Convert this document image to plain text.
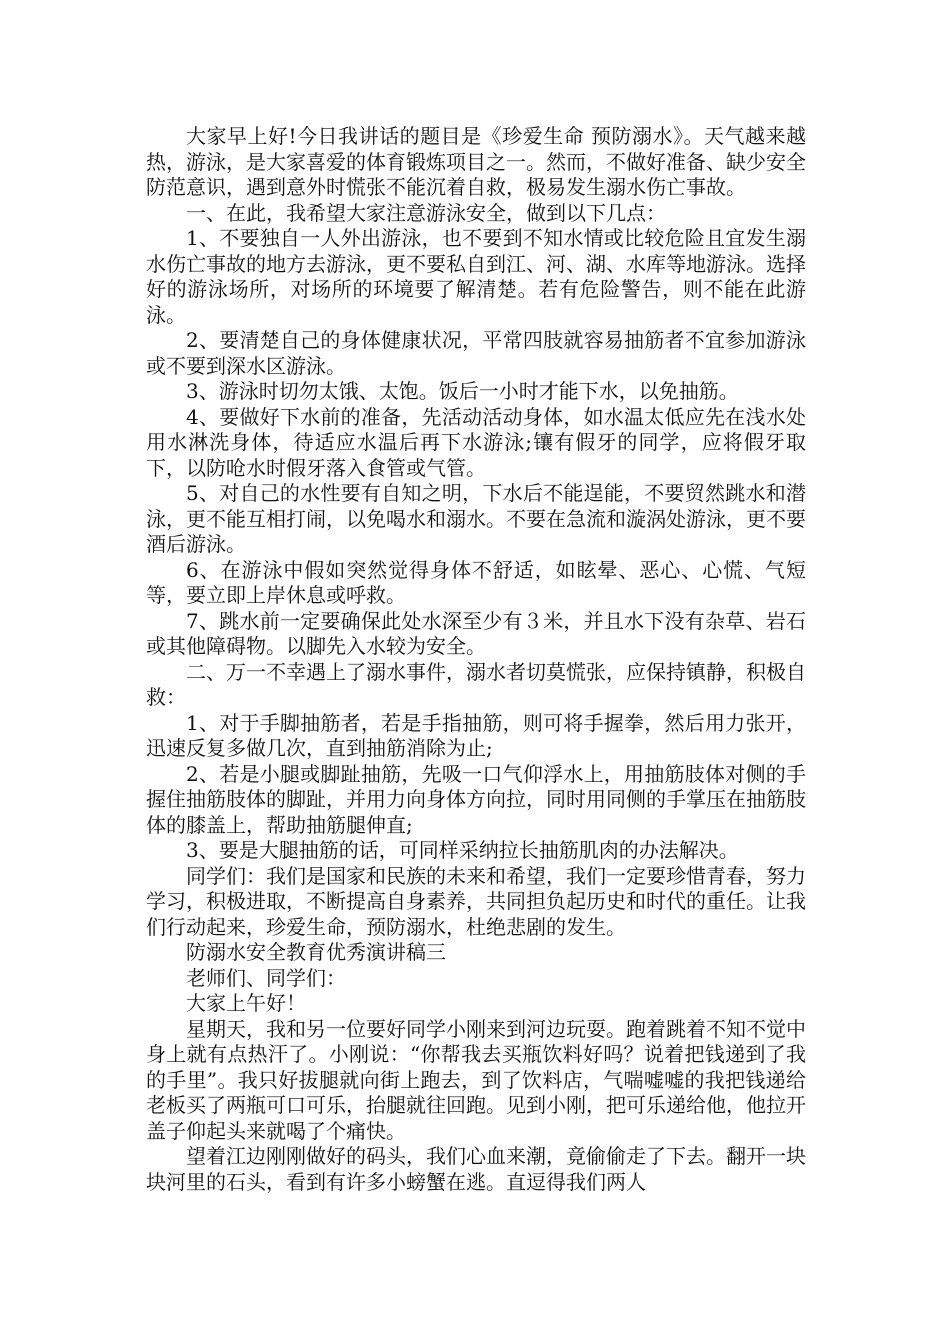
大家早上好!今日我讲话的题目是《珍爱生命 预防溺水》。天气越来越热，游泳，是大家喜爱的体育锻炼项目之一。然而，不做好准备、缺少安全防范意识，遇到意外时慌张不能沉着自救，极易发生溺水伤亡事故。

一、在此，我希望大家注意游泳安全，做到以下几点：

1、不要独自一人外出游泳，也不要到不知水情或比较危险且宜发生溺水伤亡事故的地方去游泳，更不要私自到江、河、湖、水库等地游泳。选择好的游泳场所，对场所的环境要了解清楚。若有危险警告，则不能在此游泳。

2、要清楚自己的身体健康状况，平常四肢就容易抽筋者不宜参加游泳或不要到深水区游泳。

3、游泳时切勿太饿、太饱。饭后一小时才能下水，以免抽筋。

4、要做好下水前的准备，先活动活动身体，如水温太低应先在浅水处用水淋洗身体，待适应水温后再下水游泳;镶有假牙的同学，应将假牙取下，以防呛水时假牙落入食管或气管。

5、对自己的水性要有自知之明，下水后不能逞能，不要贸然跳水和潜泳，更不能互相打闹，以免喝水和溺水。不要在急流和漩涡处游泳，更不要酒后游泳。

6、在游泳中假如突然觉得身体不舒适，如眩晕、恶心、心慌、气短等，要立即上岸休息或呼救。

7、跳水前一定要确保此处水深至少有３米，并且水下没有杂草、岩石或其他障碍物。以脚先入水较为安全。

二、万一不幸遇上了溺水事件，溺水者切莫慌张，应保持镇静，积极自救：

1、对于手脚抽筋者，若是手指抽筋，则可将手握拳，然后用力张开，迅速反复多做几次，直到抽筋消除为止;

2、若是小腿或脚趾抽筋，先吸一口气仰浮水上，用抽筋肢体对侧的手握住抽筋肢体的脚趾，并用力向身体方向拉，同时用同侧的手掌压在抽筋肢体的膝盖上，帮助抽筋腿伸直;

3、要是大腿抽筋的话，可同样采纳拉长抽筋肌肉的办法解决。

同学们：我们是国家和民族的未来和希望，我们一定要珍惜青春，努力学习，积极进取，不断提高自身素养，共同担负起历史和时代的重任。让我们行动起来，珍爱生命，预防溺水，杜绝悲剧的发生。

防溺水安全教育优秀演讲稿三

老师们、同学们：

大家上午好！

星期天，我和另一位要好同学小刚来到河边玩耍。跑着跳着不知不觉中身上就有点热汗了。小刚说：“你帮我去买瓶饮料好吗？说着把钱递到了我的手里”。我只好拔腿就向街上跑去，到了饮料店，气喘嘘嘘的我把钱递给老板买了两瓶可口可乐，抬腿就往回跑。见到小刚，把可乐递给他，他拉开盖子仰起头来就喝了个痛快。

望着江边刚刚做好的码头，我们心血来潮，竟偷偷走了下去。翻开一块块河里的石头，看到有许多小螃蟹在逃。直逗得我们两人
